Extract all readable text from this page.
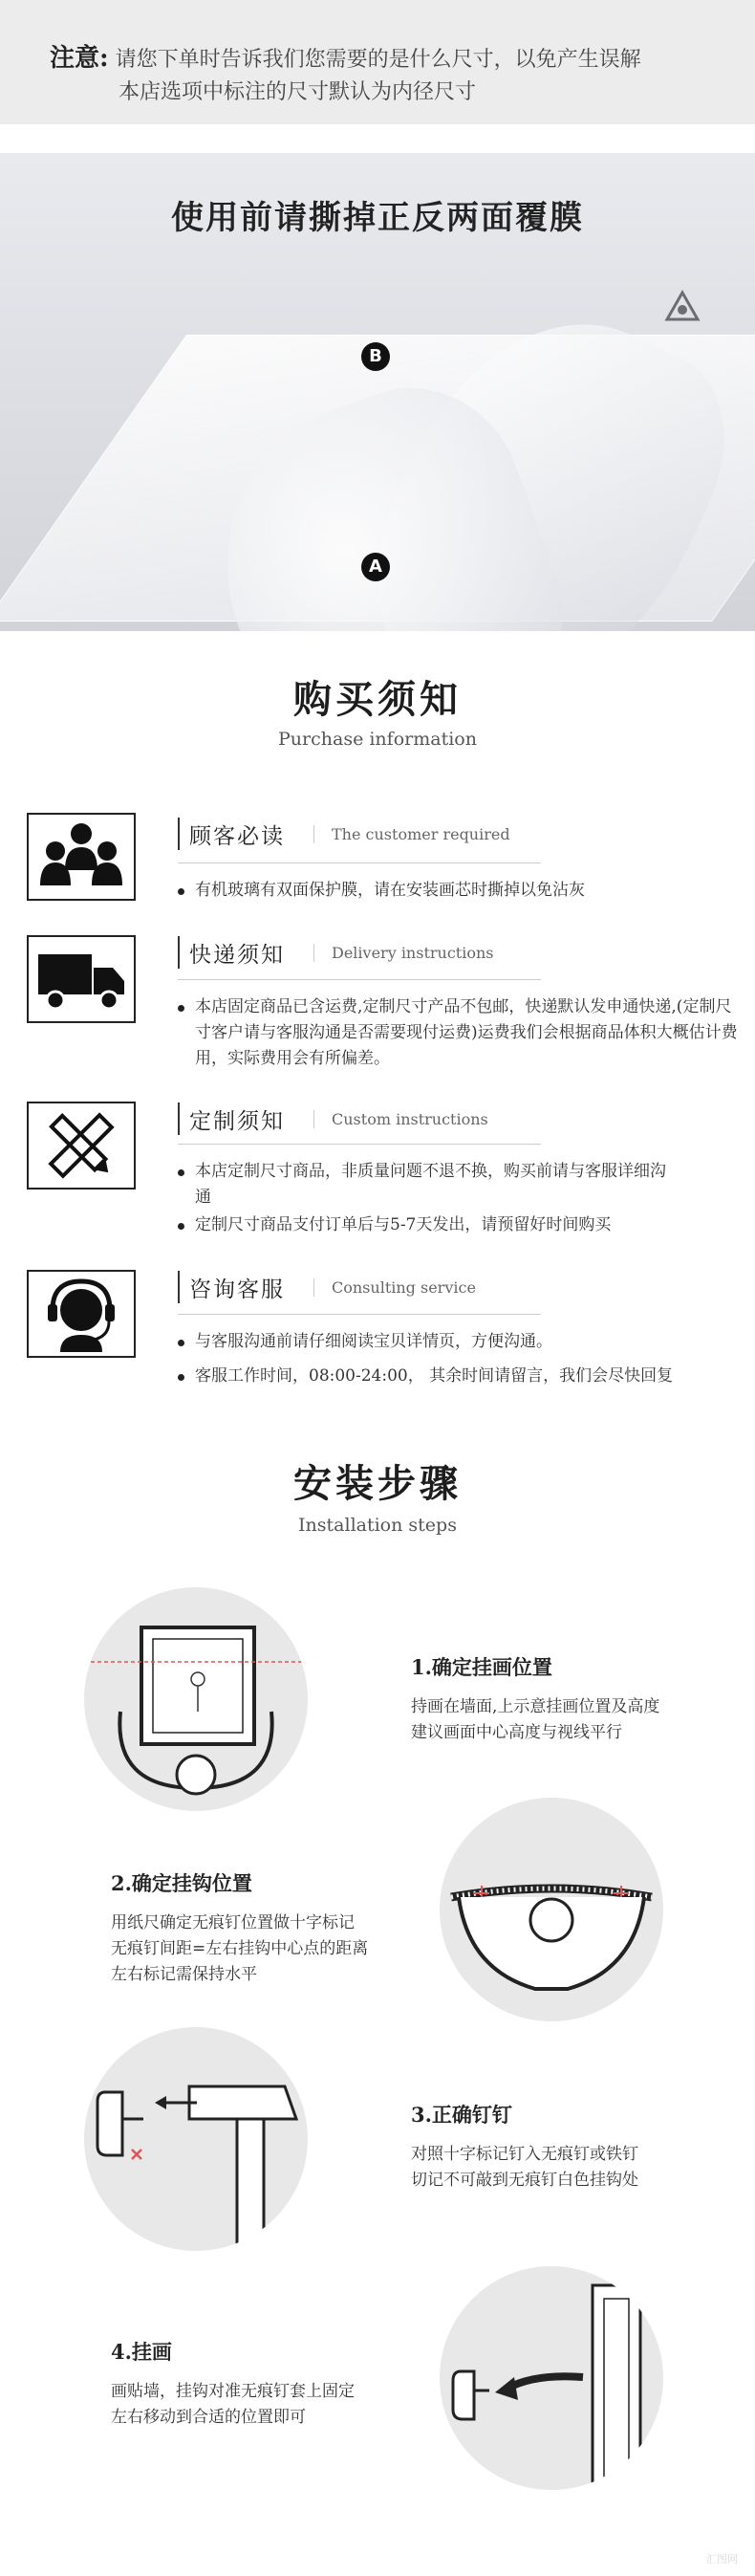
注意: 请您下单时告诉我们您需要的是什么尺寸，以免产生误解
本店选项中标注的尺寸默认为内径尺寸
使用前请撕掉正反两面覆膜
B
A
购买须知
Purchase information
顾客必读	The customer required
有机玻璃有双面保护膜，请在安装画芯时撕掉以免沾灰
快递须知	Delivery instructions
本店固定商品已含运费,定制尺寸产品不包邮，快递默认发申通快递,(定制尺寸客户请与客服沟通是否需要现付运费)运费我们会根据商品体积大概估计费用，实际费用会有所偏差。
定制须知	Custom instructions
本店定制尺寸商品，非质量问题不退不换，购买前请与客服详细沟通
定制尺寸商品支付订单后与5-7天发出，请预留好时间购买
咨询客服	Consulting service
与客服沟通前请仔细阅读宝贝详情页，方便沟通。
客服工作时间，08:00-24:00， 其余时间请留言，我们会尽快回复
安装步骤
Installation steps
1.确定挂画位置
持画在墙面,上示意挂画位置及高度
建议画面中心高度与视线平行
2.确定挂钩位置
用纸尺确定无痕钉位置做十字标记
无痕钉间距=左右挂钩中心点的距离
左右标记需保持水平
3.正确钉钉
对照十字标记钉入无痕钉或铁钉
切记不可敲到无痕钉白色挂钩处
4.挂画
画贴墙，挂钩对准无痕钉套上固定
左右移动到合适的位置即可
汇图网
